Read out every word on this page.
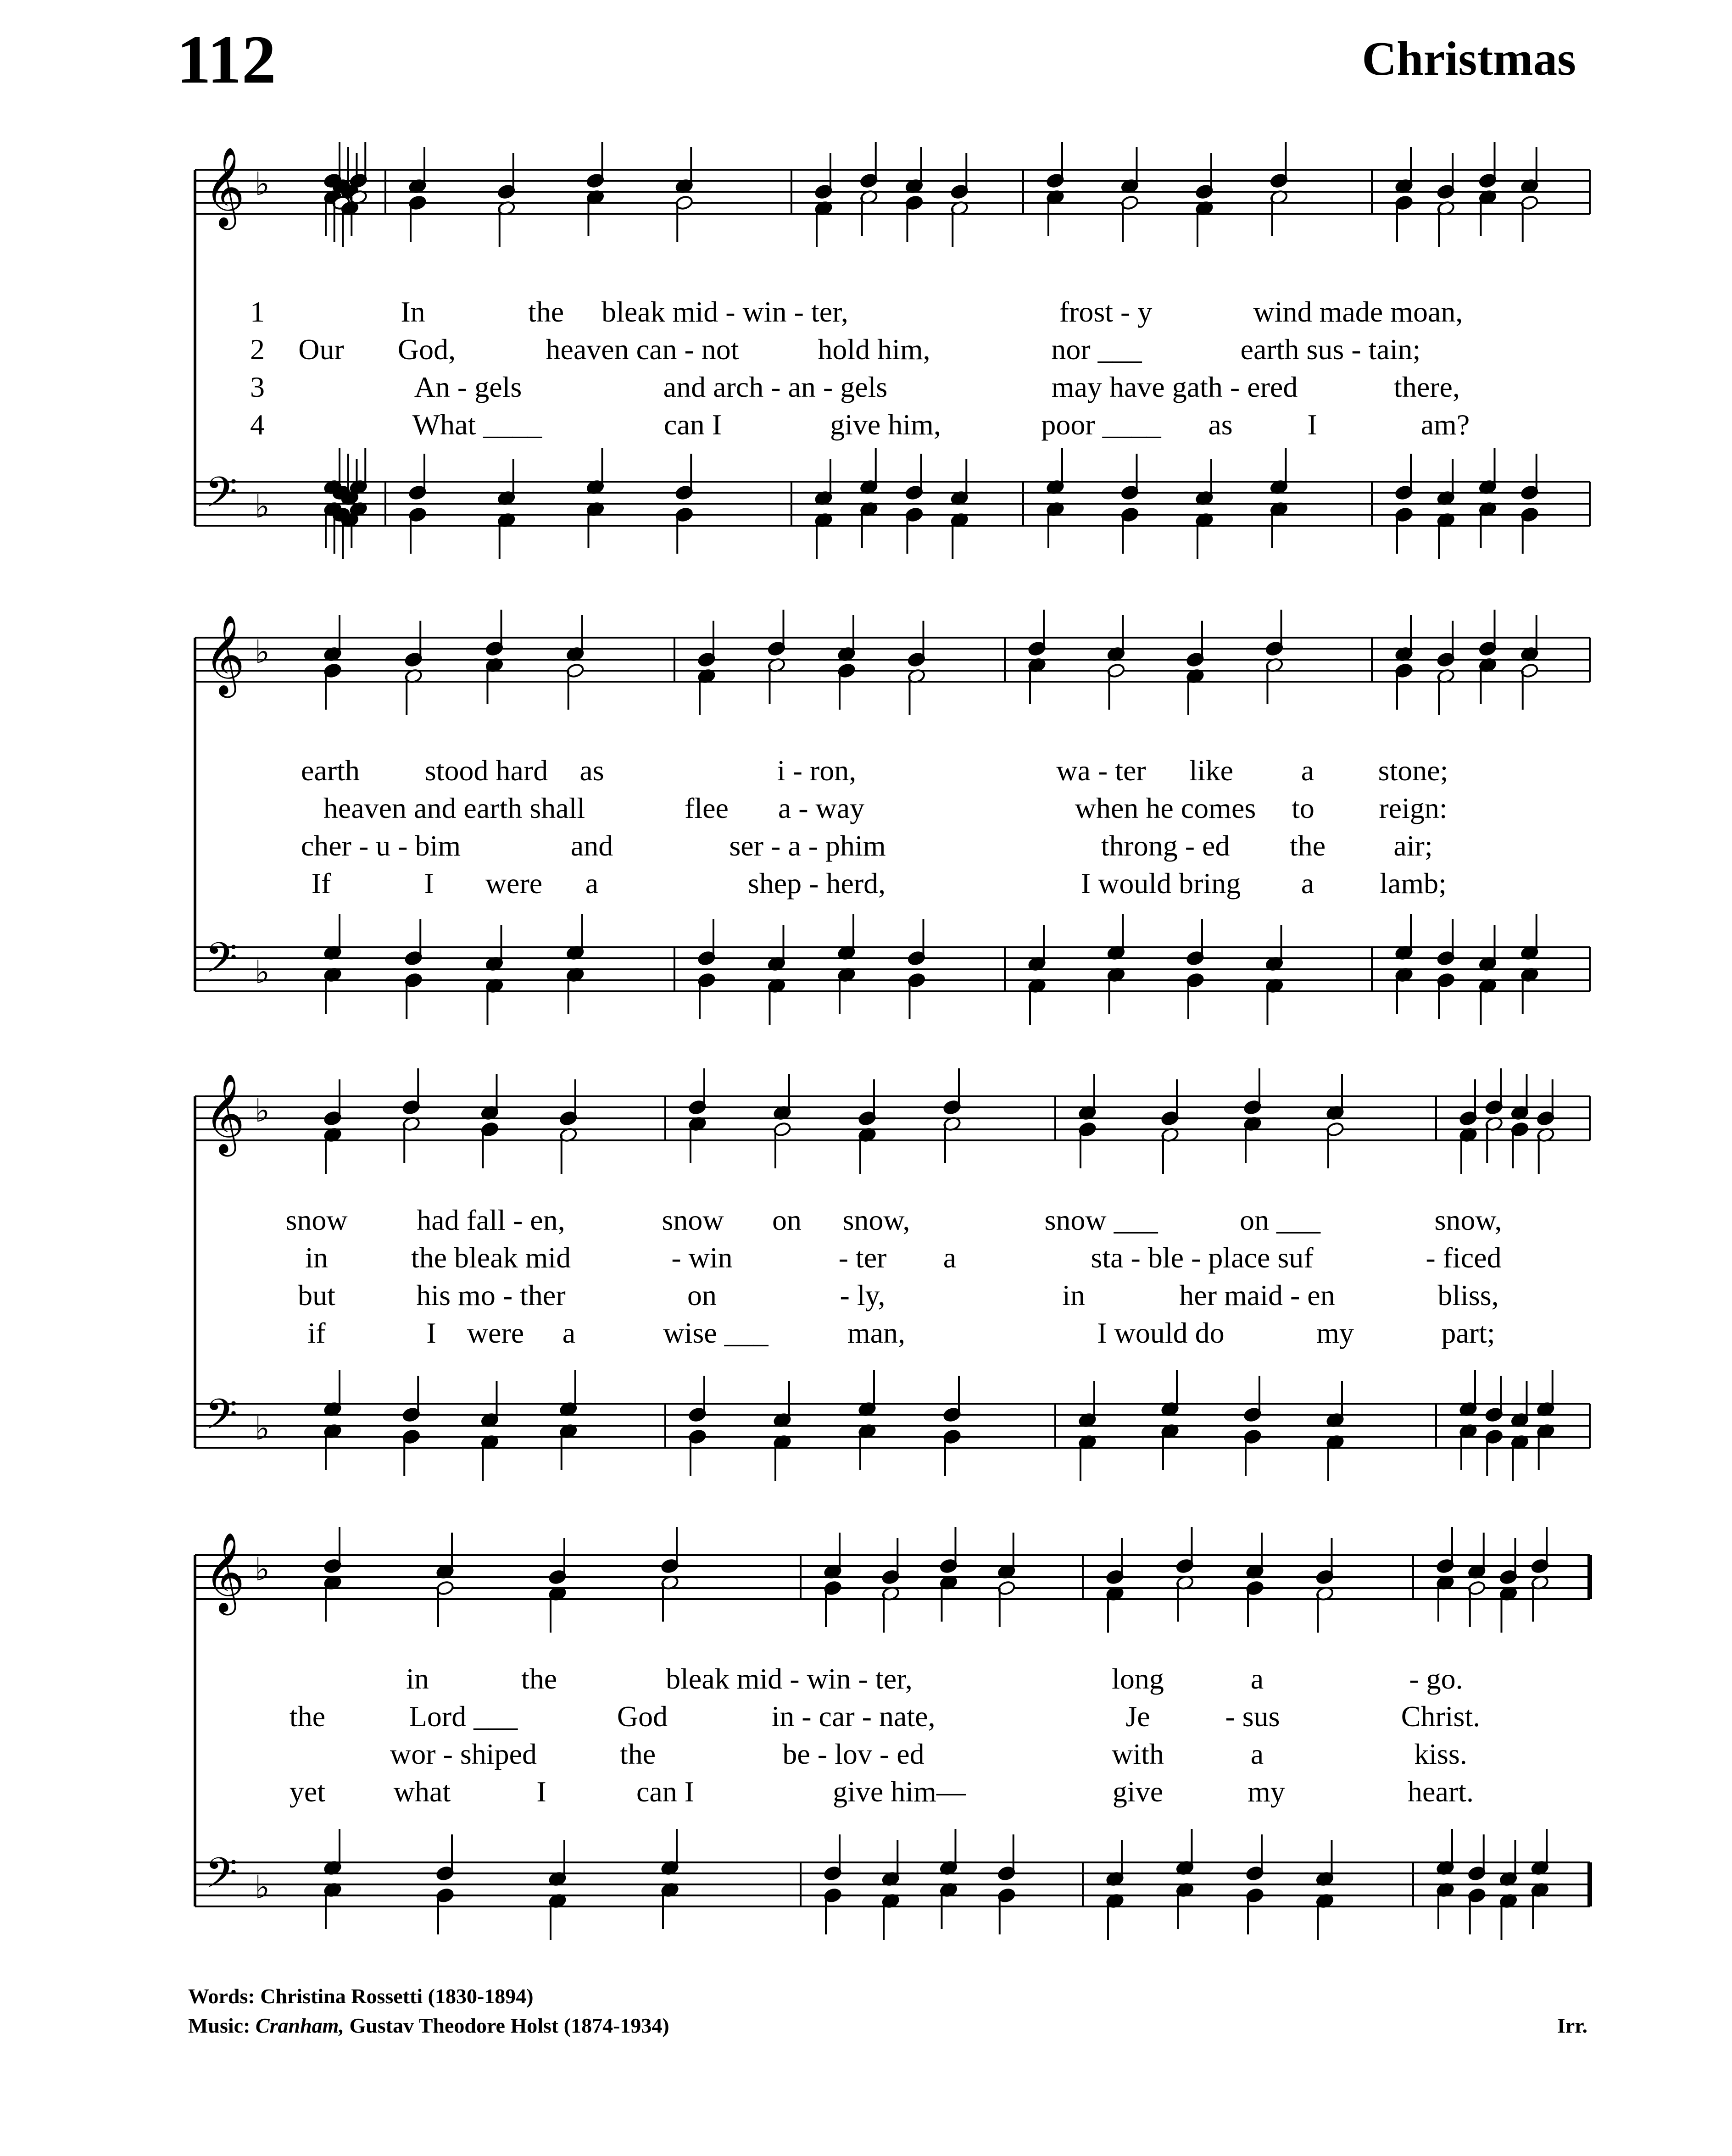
112	Christmas
𝄞
𝄢
♭
♭
𝄞
𝄢
♭
♭
𝄞
𝄢
♭
♭
𝄞
𝄢
♭
♭
1	In	the bleak mid - win - ter,	frost - y	wind made moan,
2 Our God,	heaven can - not	hold him,	nor ___	earth sus - tain;
3	An - gels	and arch - an - gels	may have gath - ered	there,
4	What ____	can I	give him,	poor ____ as	I	am?
earth stood hard as	i - ron,	wa - ter like a stone;
heaven and earth shall	flee a - way	when he comes to reign:
cher - u - bim	and	ser - a - phim	throng - ed the air;
If	I were a	shep - herd,	I would bring a lamb;
snow had fall - en,	snow on snow,	snow ___	on ___	snow,
in	the bleak mid	- win	- ter a	sta - ble - place suf	- ficed
but	his mo - ther	on	- ly,	in	her maid - en	bliss,
if	I were a	wise ___	man,	I would do	my	part;
in	the	bleak mid - win - ter,	long	a	- go.
the	Lord ___	God	in - car - nate,	Je	- sus	Christ.
wor - shiped	the	be - lov - ed	with	a	kiss.
yet what	I	can I	give him—	give	my	heart.
Words: Christina Rossetti (1830-1894)
Music: Cranham, Gustav Theodore Holst (1874-1934)	Irr.
